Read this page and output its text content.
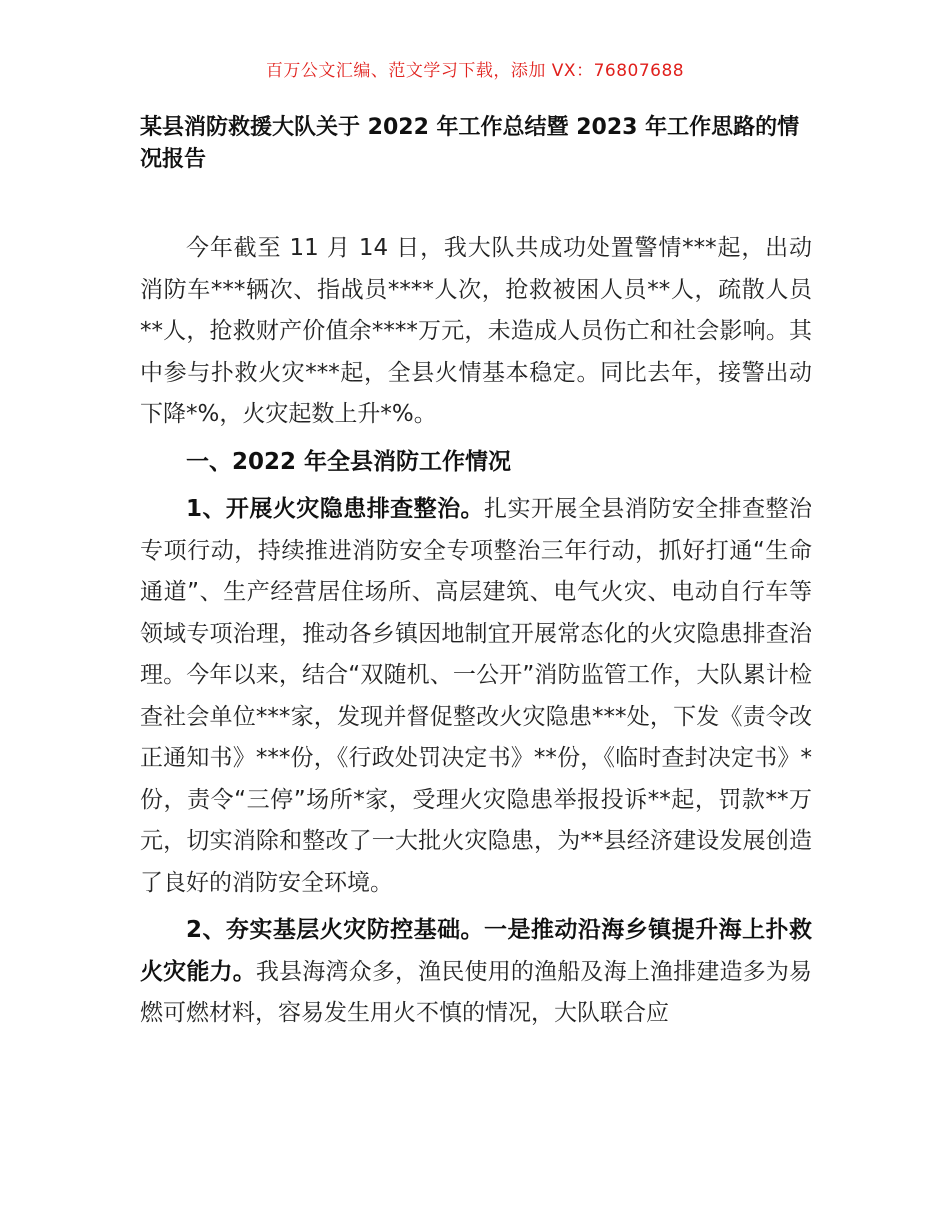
百万公文汇编、范文学习下载，添加 VX：76807688
某县消防救援大队关于 2022 年工作总结暨 2023 年工作思路的情况报告

今年截至 11 月 14 日，我大队共成功处置警情***起，出动消防车***辆次、指战员****人次，抢救被困人员**人，疏散人员**人，抢救财产价值余****万元，未造成人员伤亡和社会影响。其中参与扑救火灾***起，全县火情基本稳定。同比去年，接警出动下降*%，火灾起数上升*%。

一、2022 年全县消防工作情况

1、开展火灾隐患排查整治。扎实开展全县消防安全排查整治专项行动，持续推进消防安全专项整治三年行动，抓好打通“生命通道”、生产经营居住场所、高层建筑、电气火灾、电动自行车等领域专项治理，推动各乡镇因地制宜开展常态化的火灾隐患排查治理。今年以来，结合“双随机、一公开”消防监管工作，大队累计检查社会单位***家，发现并督促整改火灾隐患***处，下发《责令改正通知书》***份，《行政处罚决定书》**份，《临时查封决定书》*份，责令“三停”场所*家，受理火灾隐患举报投诉**起，罚款**万元，切实消除和整改了一大批火灾隐患，为**县经济建设发展创造了良好的消防安全环境。

2、夯实基层火灾防控基础。一是推动沿海乡镇提升海上扑救火灾能力。我县海湾众多，渔民使用的渔船及海上渔排建造多为易燃可燃材料，容易发生用火不慎的情况，大队联合应
